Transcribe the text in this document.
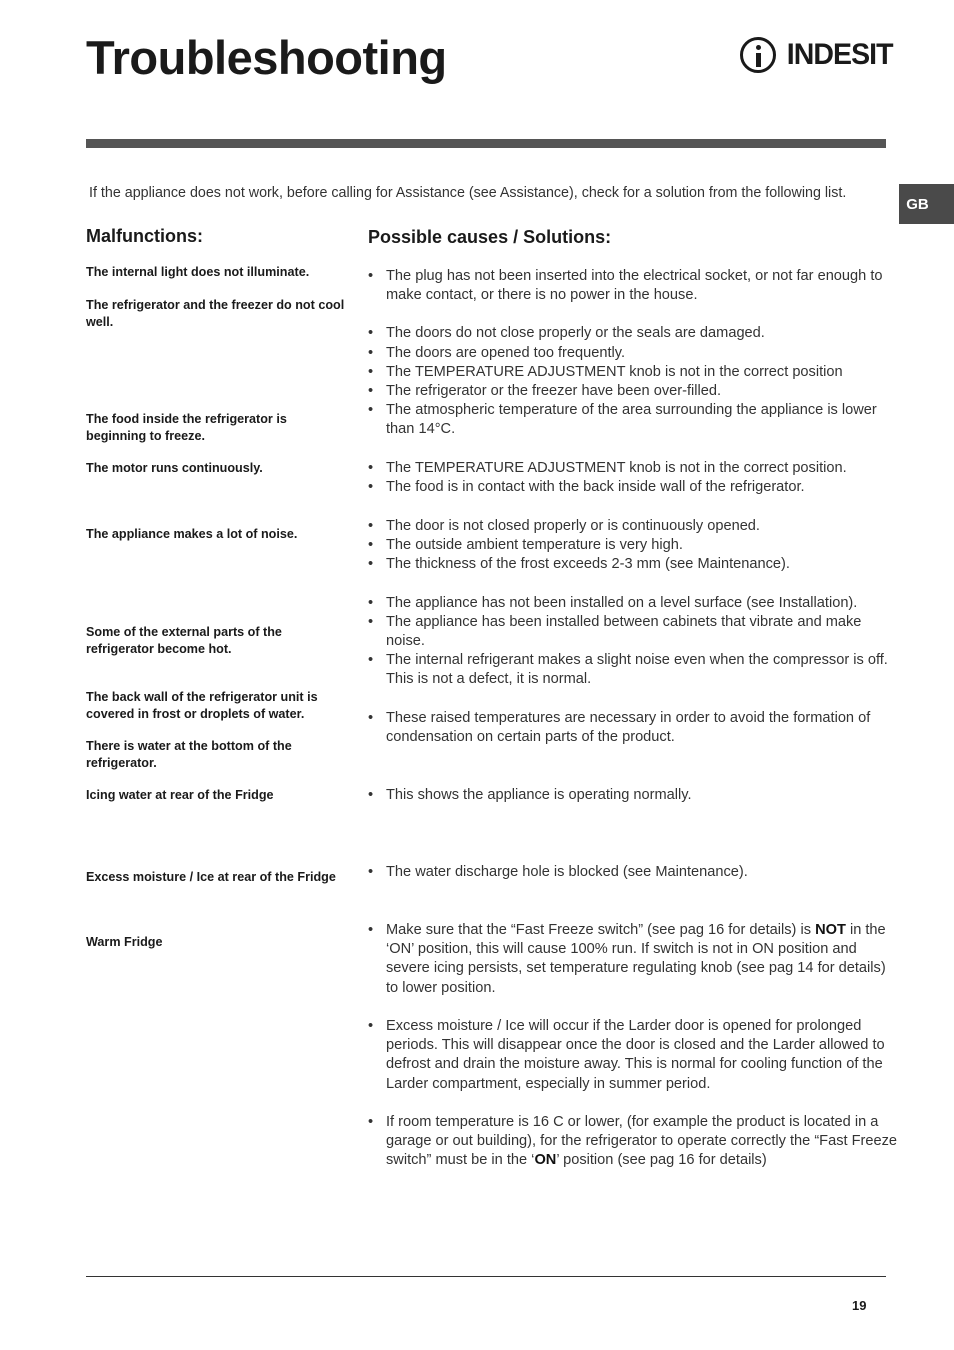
Troubleshooting	INDESIT
GB
If the appliance does not work, before calling for Assistance (see Assistance), check for a solution from the following list.
Malfunctions:	Possible causes / Solutions:
The internal light does not illuminate.
The refrigerator and the freezer do not cool well.
The food inside the refrigerator is beginning to freeze.
The motor runs continuously.
The appliance makes a lot of noise.
Some of the external parts of the refrigerator become hot.
The back wall of the refrigerator unit is covered in frost or droplets of water.
There is water at the bottom of the refrigerator.
Icing water at rear of the Fridge
Excess moisture / Ice at rear of the Fridge
Warm Fridge
• The plug has not been inserted into the electrical socket, or not far enough to make contact, or there is no power in the house.
• The doors do not close properly or the seals are damaged.
• The doors are opened too frequently.
• The TEMPERATURE ADJUSTMENT knob is not in the correct position
• The refrigerator or the freezer have been over-filled.
• The atmospheric temperature of the area surrounding the appliance is lower than 14°C.
• The TEMPERATURE ADJUSTMENT knob is not in the correct position.
• The food is in contact with the back inside wall of the refrigerator.
• The door is not closed properly or is continuously opened.
• The outside ambient temperature is very high.
• The thickness of the frost exceeds 2-3 mm (see Maintenance).
• The appliance has not been installed on a level surface (see Installation).
• The appliance has been installed between cabinets that vibrate and make noise.
• The internal refrigerant makes a slight noise even when the compressor is off. This is not a defect, it is normal.
• These raised temperatures are necessary in order to avoid the formation of condensation on certain parts of the product.
• This shows the appliance is operating normally.
• The water discharge hole is blocked (see Maintenance).
• Make sure that the “Fast Freeze switch” (see pag 16 for details) is NOT in the ‘ON’ position, this will cause 100% run. If switch is not in ON position and severe icing persists, set temperature regulating knob (see pag 14 for details) to lower position.
• Excess moisture / Ice will occur if the Larder door is opened for prolonged periods. This will disappear once the door is closed and the Larder allowed to defrost and drain the moisture away. This is normal for cooling function of the Larder compartment, especially in summer period.
• If room temperature is 16 C or lower, (for example the product is located in a garage or out building), for the refrigerator to operate correctly the “Fast Freeze switch” must be in the ‘ON’ position (see pag 16 for details)
19
